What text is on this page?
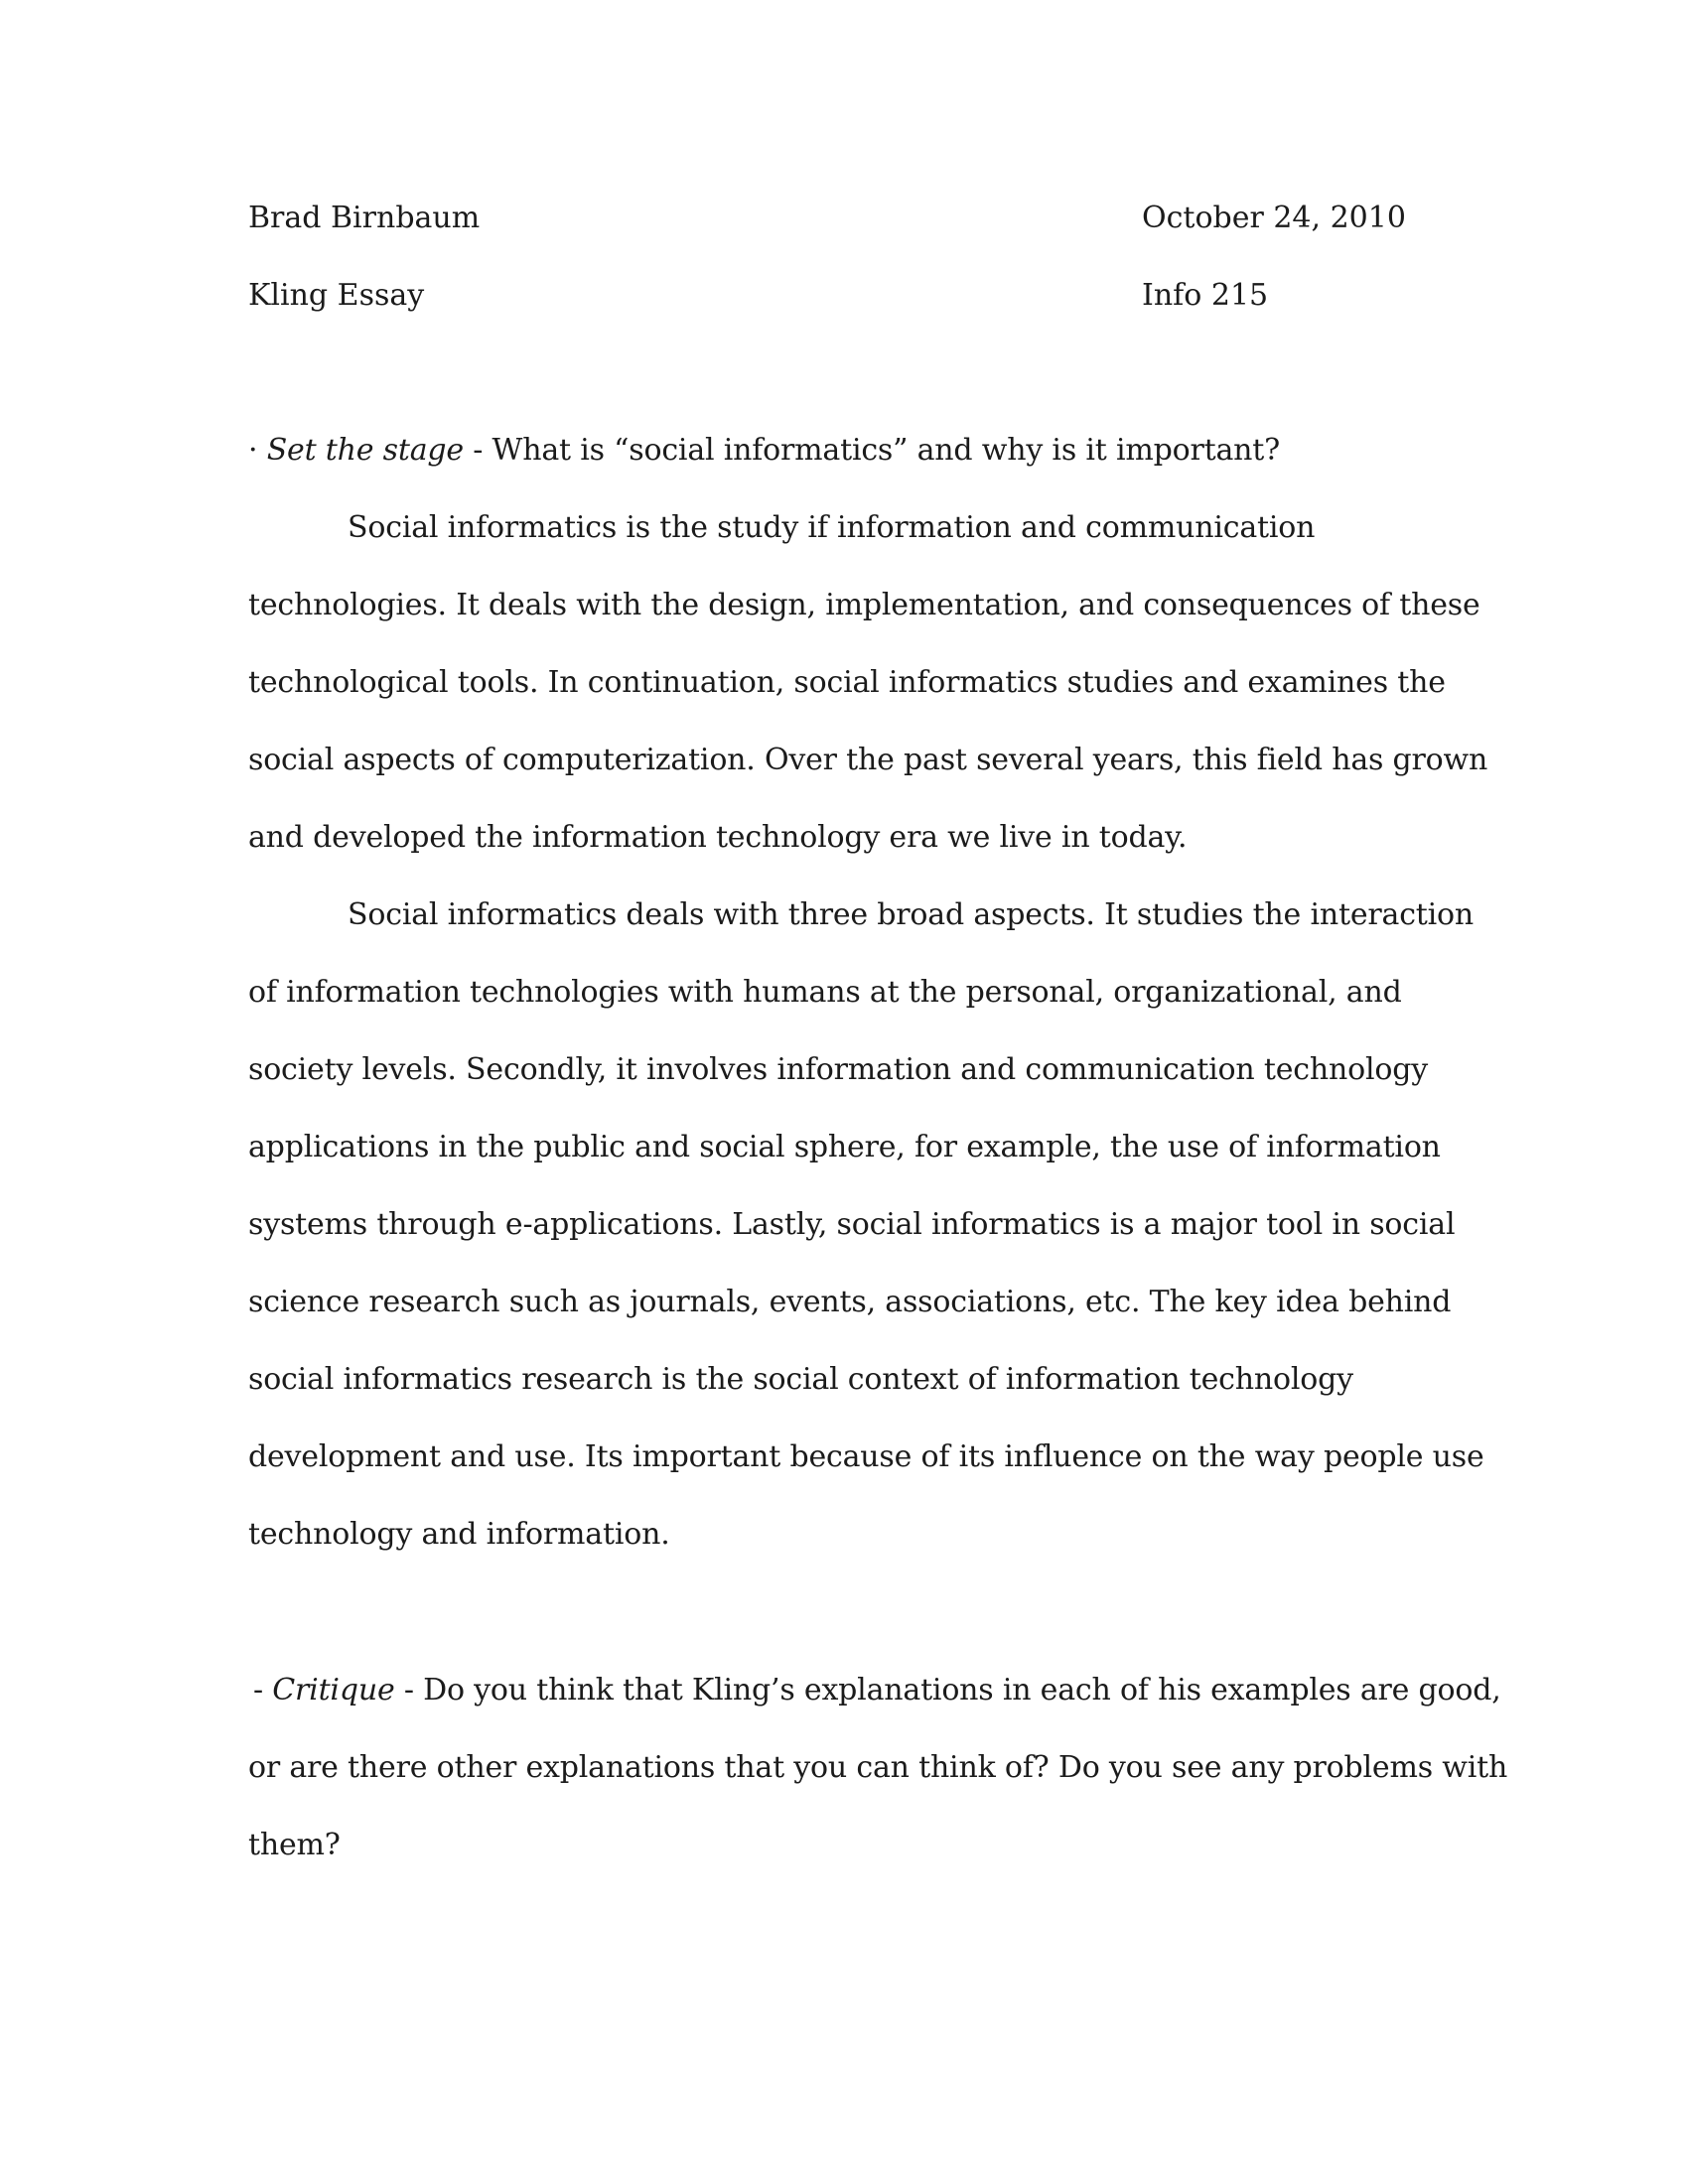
Brad Birnbaum	October 24, 2010
Kling Essay	Info 215
· Set the stage - What is “social informatics” and why is it important?
Social informatics is the study if information and communication
technologies. It deals with the design, implementation, and consequences of these
technological tools. In continuation, social informatics studies and examines the
social aspects of computerization. Over the past several years, this field has grown
and developed the information technology era we live in today.
Social informatics deals with three broad aspects. It studies the interaction
of information technologies with humans at the personal, organizational, and
society levels. Secondly, it involves information and communication technology
applications in the public and social sphere, for example, the use of information
systems through e-applications. Lastly, social informatics is a major tool in social
science research such as journals, events, associations, etc. The key idea behind
social informatics research is the social context of information technology
development and use. Its important because of its influence on the way people use
technology and information.
- Critique - Do you think that Kling’s explanations in each of his examples are good,
or are there other explanations that you can think of? Do you see any problems with
them?
